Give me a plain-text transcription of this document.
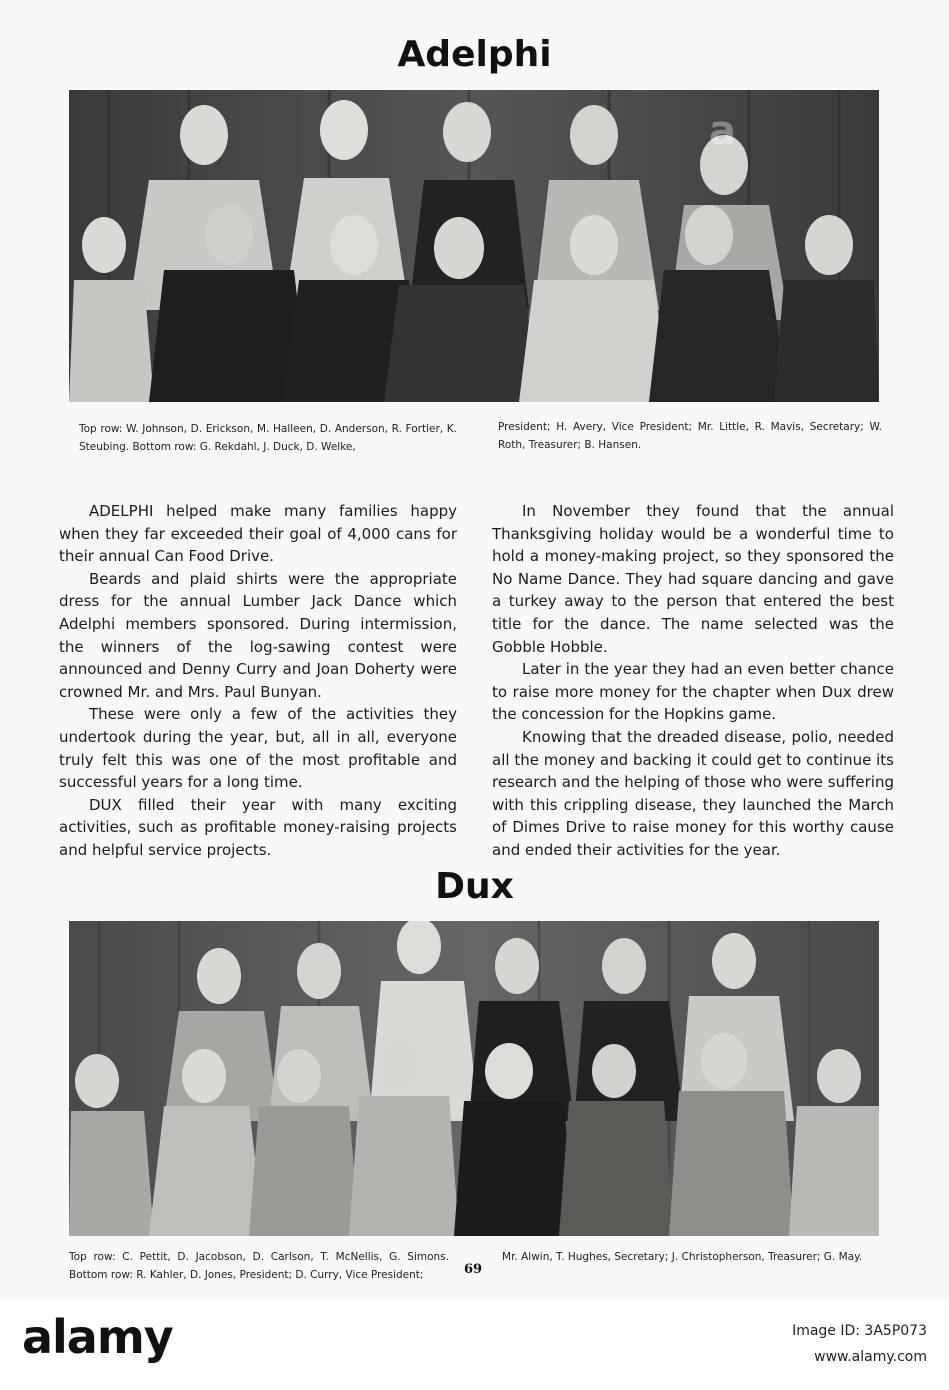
Adelphi
a

Top row: W. Johnson, D. Erickson, M. Halleen, D. Anderson, R. Fortier, K. Steubing. Bottom row: G. Rekdahl, J. Duck, D. Welke,

President; H. Avery, Vice President; Mr. Little, R. Mavis, Secretary; W. Roth, Treasurer; B. Hansen.

ADELPHI helped make many families happy when they far exceeded their goal of 4,000 cans for their annual Can Food Drive.

Beards and plaid shirts were the appropriate dress for the annual Lumber Jack Dance which Adelphi members sponsored. During intermission, the winners of the log-sawing contest were announced and Denny Curry and Joan Doherty were crowned Mr. and Mrs. Paul Bunyan.

These were only a few of the activities they undertook during the year, but, all in all, everyone truly felt this was one of the most profitable and successful years for a long time.

DUX filled their year with many exciting activities, such as profitable money-raising projects and helpful service projects.

In November they found that the annual Thanksgiving holiday would be a wonderful time to hold a money-making project, so they sponsored the No Name Dance. They had square dancing and gave a turkey away to the person that entered the best title for the dance. The name selected was the Gobble Hobble.

Later in the year they had an even better chance to raise more money for the chapter when Dux drew the concession for the Hopkins game.

Knowing that the dreaded disease, polio, needed all the money and backing it could get to continue its research and the helping of those who were suffering with this crippling disease, they launched the March of Dimes Drive to raise money for this worthy cause and ended their activities for the year.

Dux

Top row: C. Pettit, D. Jacobson, D. Carlson, T. McNellis, G. Simons. Bottom row: R. Kahler, D. Jones, President; D. Curry, Vice President;

Mr. Alwin, T. Hughes, Secretary; J. Christopherson, Treasurer; G. May.

69
alamy	Image ID: 3A5P073
www.alamy.com
